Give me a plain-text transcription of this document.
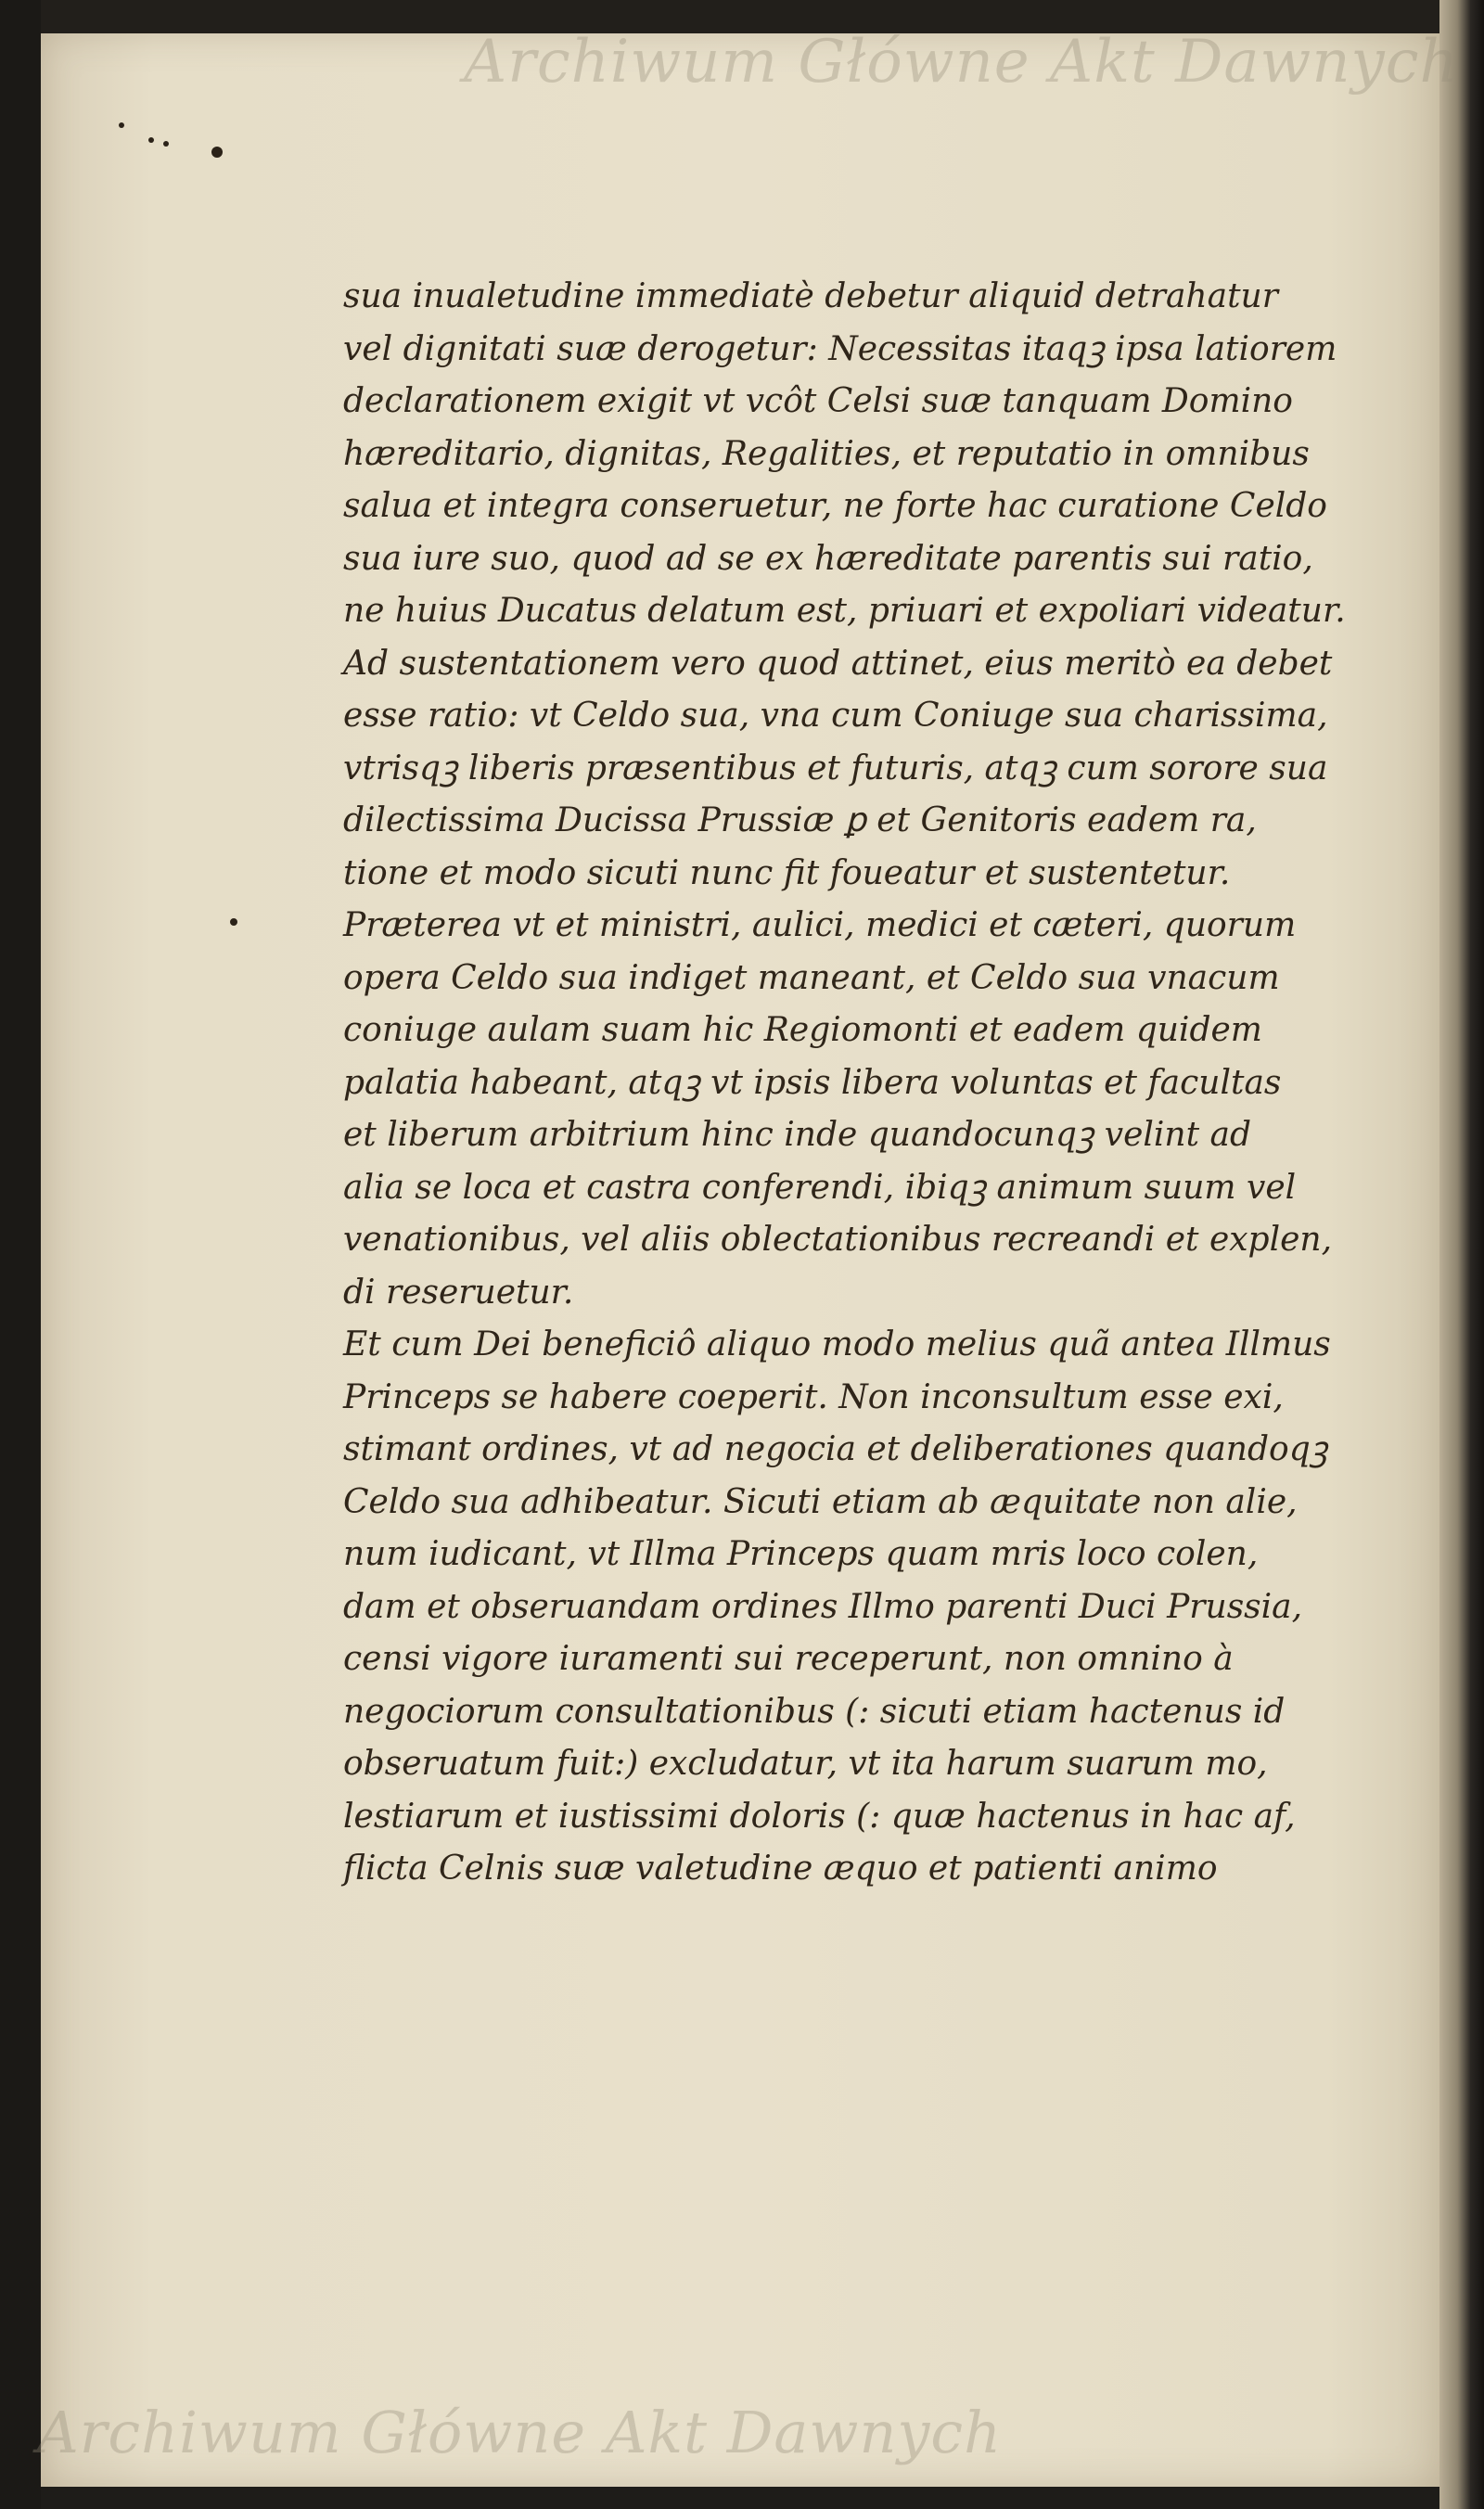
Archiwum Główne Akt Dawnych
Archiwum Główne Akt Dawnych
sua inualetudine immediatè debetur aliquid detrahatur
vel dignitati suæ derogetur: Necessitas itaqꝫ ipsa latiorem
declarationem exigit vt vcôt Celsi suæ tanquam Domino
hæreditario, dignitas, Regalities, et reputatio in omnibus
salua et integra conseruetur, ne forte hac curatione Celdo
sua iure suo, quod ad se ex hæreditate parentis sui ratio,
ne huius Ducatus delatum est, priuari et expoliari videatur.
Ad sustentationem vero quod attinet, eius meritò ea debet
esse ratio: vt Celdo sua, vna cum Coniuge sua charissima,
vtrisqꝫ liberis præsentibus et futuris, atqꝫ cum sorore sua
dilectissima Ducissa Prussiæ ꝑ et Genitoris eadem ra,
tione et modo sicuti nunc fit foueatur et sustentetur.
Præterea vt et ministri, aulici, medici et cæteri, quorum
opera Celdo sua indiget maneant, et Celdo sua vnacum
coniuge aulam suam hic Regiomonti et eadem quidem
palatia habeant, atqꝫ vt ipsis libera voluntas et facultas
et liberum arbitrium hinc inde quandocunqꝫ velint ad
alia se loca et castra conferendi, ibiqꝫ animum suum vel
venationibus, vel aliis oblectationibus recreandi et explen,
di reseruetur.
Et cum Dei beneficiô aliquo modo melius quã antea Illmus
Princeps se habere coeperit. Non inconsultum esse exi,
stimant ordines, vt ad negocia et deliberationes quandoqꝫ
Celdo sua adhibeatur. Sicuti etiam ab æquitate non alie,
num iudicant, vt Illma Princeps quam mris loco colen,
dam et obseruandam ordines Illmo parenti Duci Prussia,
censi vigore iuramenti sui receperunt, non omnino à
negociorum consultationibus (: sicuti etiam hactenus id
obseruatum fuit:) excludatur, vt ita harum suarum mo,
lestiarum et iustissimi doloris (: quæ hactenus in hac af,
flicta Celnis suæ valetudine æquo et patienti animo
